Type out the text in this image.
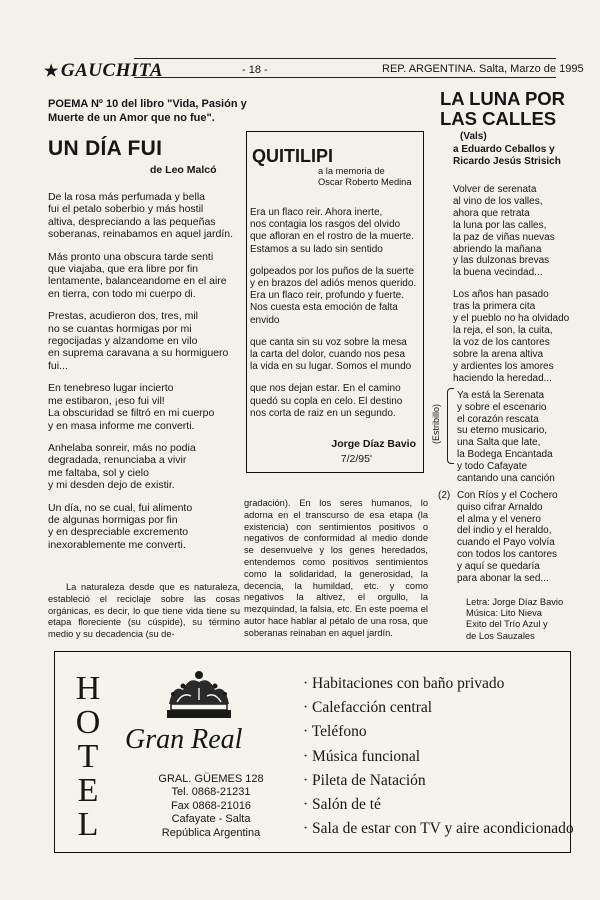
★ GAUCHITA	- 18 -	REP. ARGENTINA. Salta, Marzo de 1995
POEMA Nº 10 del libro "Vida, Pasión y Muerte de un Amor que no fue".
UN DÍA FUI
de Leo Malcó

De la rosa más perfumada y bella
fui el petalo soberbio y más hostil
altiva, despreciando a las pequeñas
soberanas, reinabamos en aquel jardín.

Más pronto una obscura tarde senti
que viajaba, que era libre por fin
lentamente, balanceandome en el aire
en tierra, con todo mi cuerpo di.

Prestas, acudieron dos, tres, mil
no se cuantas hormigas por mi
regocijadas y alzandome en vilo
en suprema caravana a su hormiguero fui...

En tenebreso lugar incierto
me estibaron, ¡eso fui vil!
La obscuridad se filtró en mi cuerpo
y en masa informe me converti.

Anhelaba sonreir, más no podia
degradada, renunciaba a vivir
me faltaba, sol y cielo
y mi desden dejo de existir.

Un día, no se cual, fui alimento
de algunas hormigas por fin
y en despreciable excremento
inexorablemente me converti.

La naturaleza desde que es naturaleza, estableció el reciclaje sobre las cosas orgánicas, es decir, lo que tiene vida tiene su etapa floreciente (su cúspide), su término medio y su decadencia (su de-
gradación). En los seres humanos, lo adorna en el transcurso de esa etapa (la existencia) con sentimientos positivos o negativos de conformidad al medio donde se desenvuelve y los genes heredados, entendemos como positivos sentimientos como la solidaridad, la generosidad, la decencia, la humildad, etc. y como negativos la altivez, el orgullo, la mezquindad, la falsia, etc. En este poema el autor hace hablar al pétalo de una rosa, que soberanas reinaban en aquel jardín.
QUITILIPI
a la memoria de
Oscar Roberto Medina

Era un flaco reir. Ahora inerte,
nos contagia los rasgos del olvido
que afloran en el rostro de la muerte.
Estamos a su lado sin sentido

golpeados por los puños de la suerte
y en brazos del adiós menos querido.
Era un flaco reir, profundo y fuerte.
Nos cuesta esta emoción de falta envido

que canta sin su voz sobre la mesa
la carta del dolor, cuando nos pesa
la vida en su lugar. Somos el mundo

que nos dejan estar. En el camino
quedó su copla en celo. El destino
nos corta de raiz en un segundo.

Jorge Díaz Bavio
7/2/95'
LA LUNA POR LAS CALLES
(Vals)
a Eduardo Ceballos y
Ricardo Jesús Strisich

Volver de serenata
al vino de los valles,
ahora que retrata
la luna por las calles,
la paz de viñas nuevas
abriendo la mañana
y las dulzonas brevas
la buena vecindad...

Los años han pasado
tras la primera cita
y el pueblo no ha olvidado
la reja, el son, la cuita,
la voz de los cantores
sobre la arena altiva
y ardientes los amores
haciendo la heredad...

(Estribillo)
Ya está la Serenata
y sobre el escenario
el corazón rescata
su eterno musicario,
una Salta que late,
la Bodega Encantada
y todo Cafayate
cantando una canción
(2) Con Ríos y el Cochero
quiso cifrar Arnaldo
el alma y el venero
del indio y el heraldo,
cuando el Payo volvía
con todos los cantores
y aquí se quedaría
para abonar la sed...
Letra: Jorge Díaz Bavio
Música: Lito Nieva
Exito del Trío Azul y
de Los Sauzales
H
O
T
E
L
Gran Real
GRAL. GÜEMES 128
Tel. 0868-21231
Fax 0868-21016
Cafayate - Salta
República Argentina
· Habitaciones con baño privado
· Calefacción central
· Teléfono
· Música funcional
· Pileta de Natación
· Salón de té
· Sala de estar con TV y aire acondicionado
